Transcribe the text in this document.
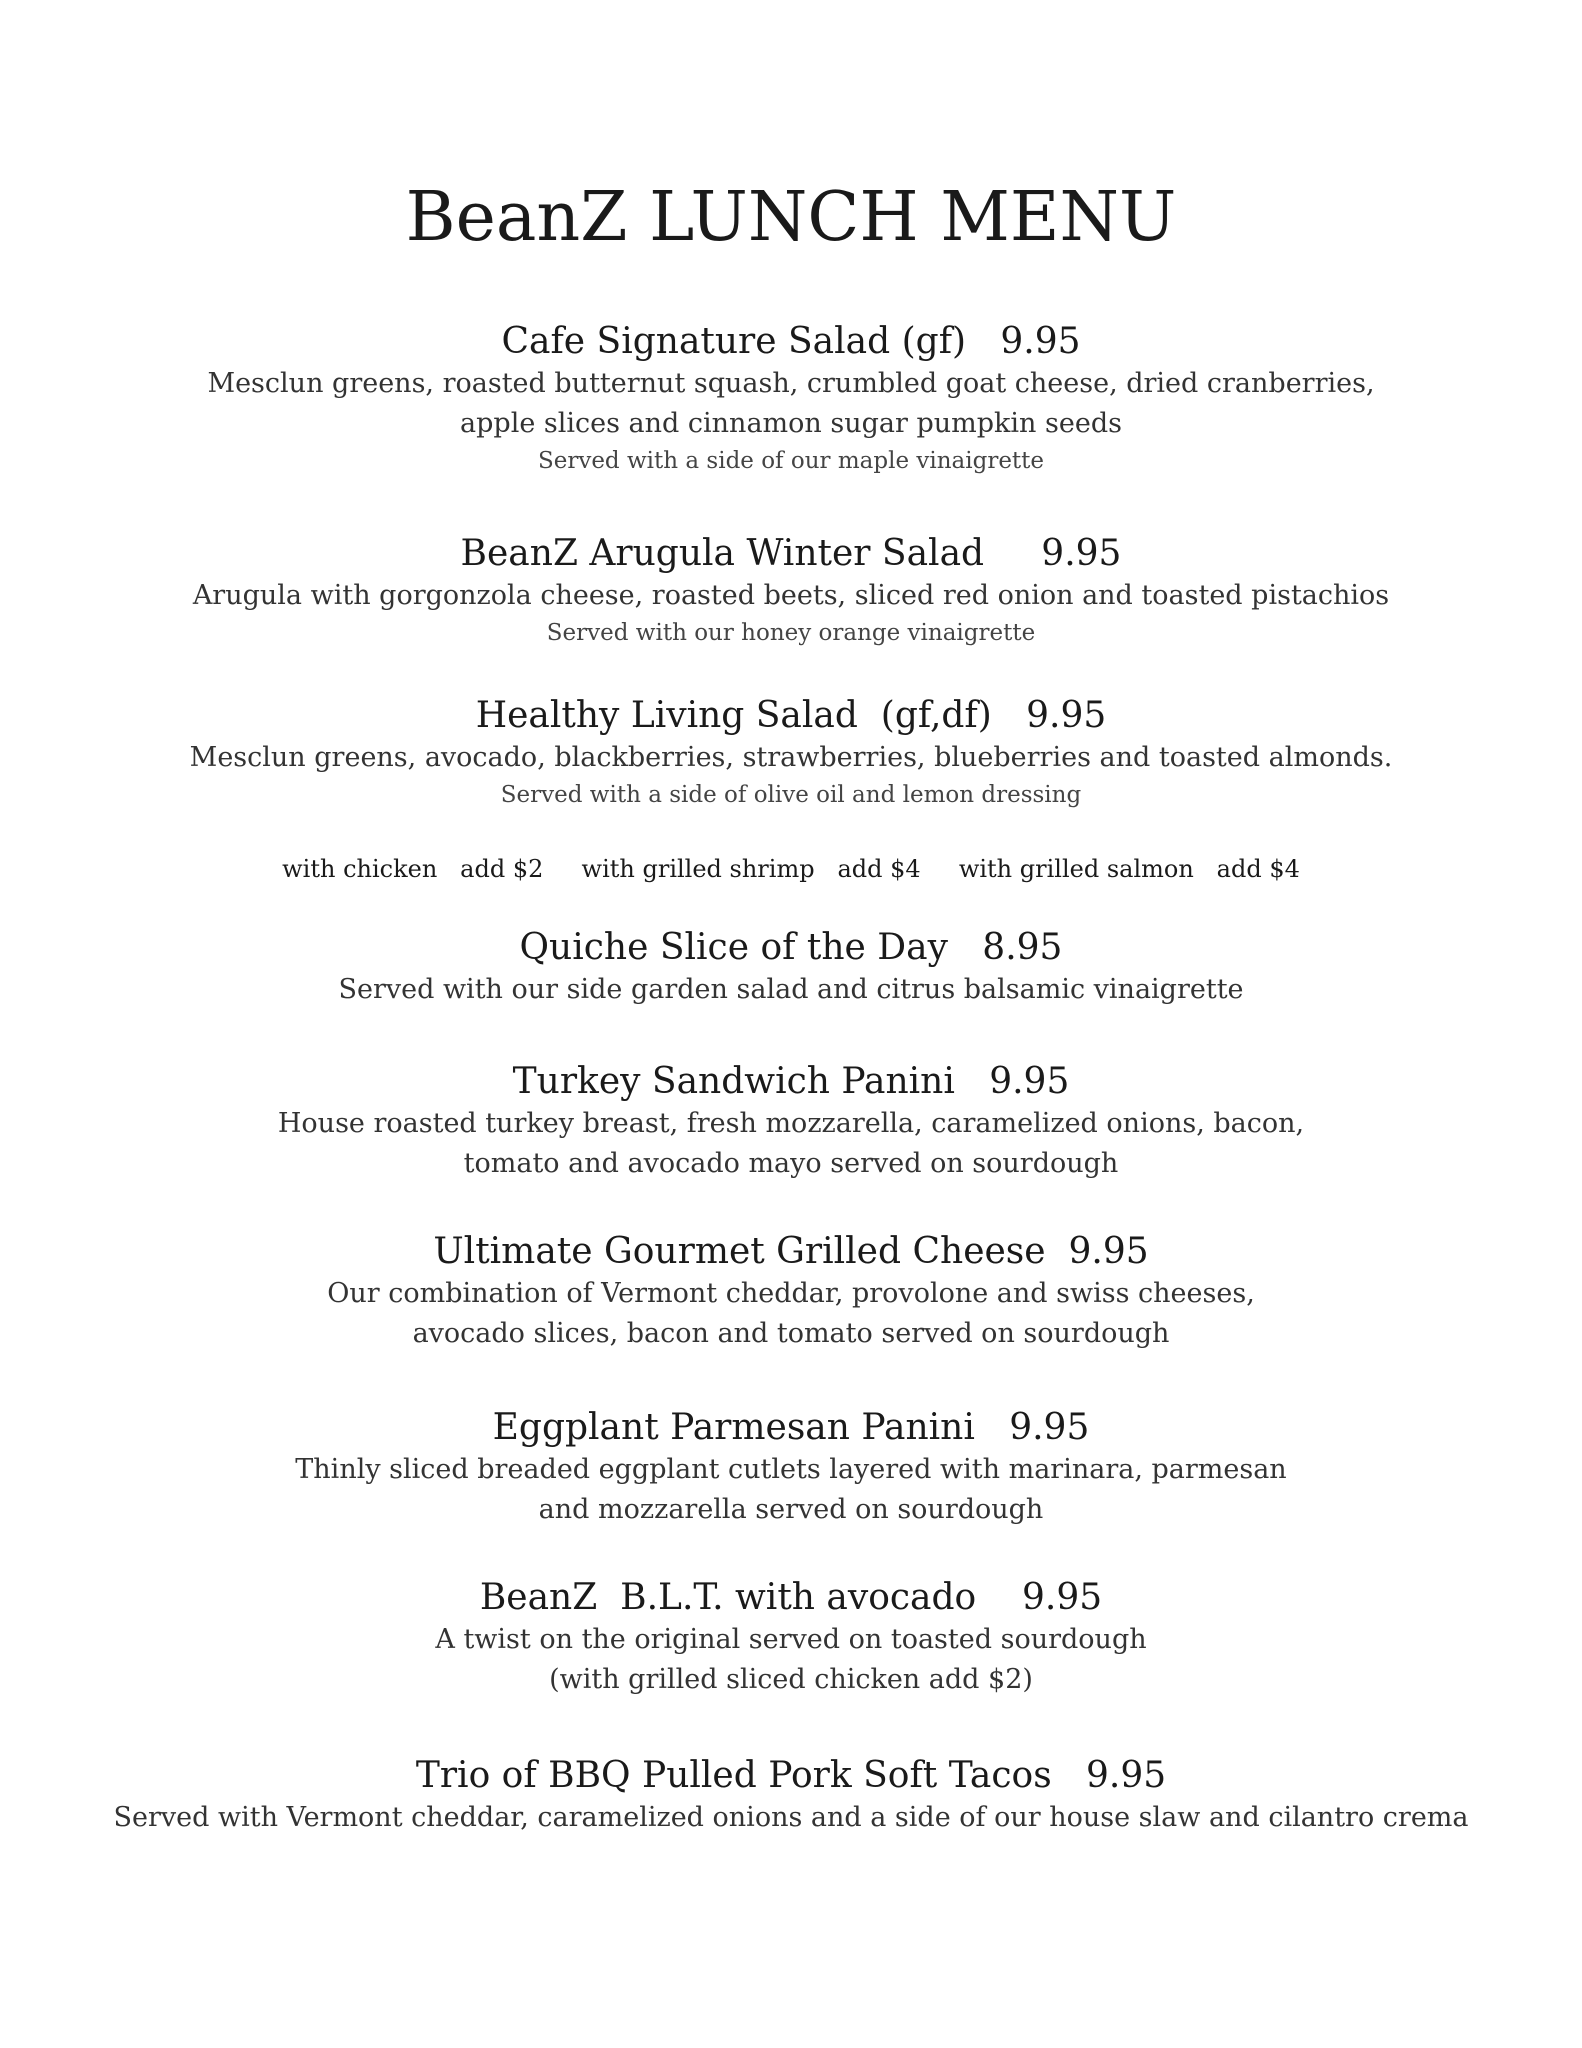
BeanZ LUNCH MENU
Cafe Signature Salad (gf)   9.95
Mesclun greens, roasted butternut squash, crumbled goat cheese, dried cranberries,
apple slices and cinnamon sugar pumpkin seeds
Served with a side of our maple vinaigrette
BeanZ Arugula Winter Salad     9.95
Arugula with gorgonzola cheese, roasted beets, sliced red onion and toasted pistachios
Served with our honey orange vinaigrette
Healthy Living Salad  (gf,df)   9.95
Mesclun greens, avocado, blackberries, strawberries, blueberries and toasted almonds.
Served with a side of olive oil and lemon dressing
with chicken   add $2     with grilled shrimp   add $4     with grilled salmon   add $4
Quiche Slice of the Day   8.95
Served with our side garden salad and citrus balsamic vinaigrette
Turkey Sandwich Panini   9.95
House roasted turkey breast, fresh mozzarella, caramelized onions, bacon,
tomato and avocado mayo served on sourdough
Ultimate Gourmet Grilled Cheese  9.95
Our combination of Vermont cheddar, provolone and swiss cheeses,
avocado slices, bacon and tomato served on sourdough
Eggplant Parmesan Panini   9.95
Thinly sliced breaded eggplant cutlets layered with marinara, parmesan
and mozzarella served on sourdough
BeanZ  B.L.T. with avocado    9.95
A twist on the original served on toasted sourdough
(with grilled sliced chicken add $2)
Trio of BBQ Pulled Pork Soft Tacos   9.95
Served with Vermont cheddar, caramelized onions and a side of our house slaw and cilantro crema
